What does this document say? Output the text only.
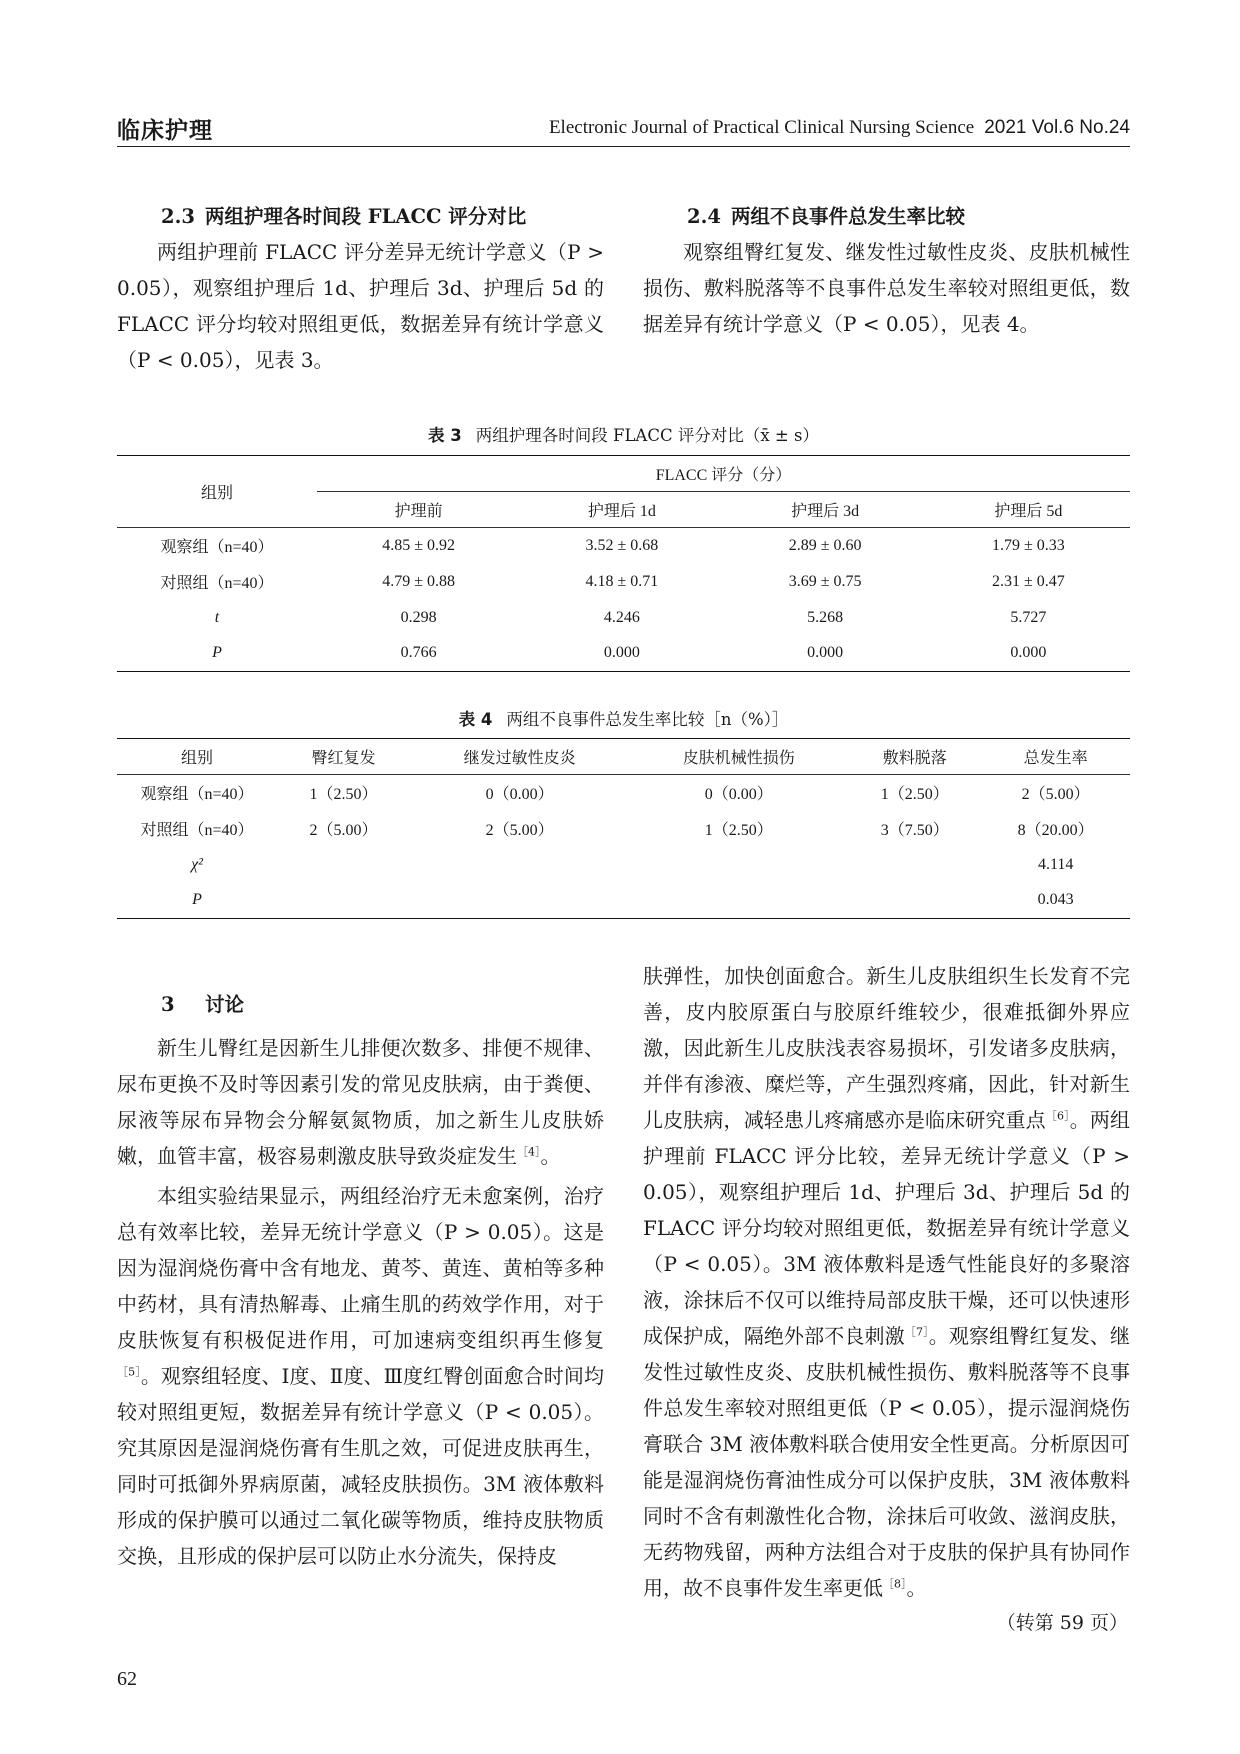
临床护理	Electronic Journal of Practical Clinical Nursing Science 2021 Vol.6 No.24
2.3 两组护理各时间段 FLACC 评分对比

两组护理前 FLACC 评分差异无统计学意义（P > 0.05），观察组护理后 1d、护理后 3d、护理后 5d 的 FLACC 评分均较对照组更低，数据差异有统计学意义（P < 0.05），见表 3。

2.4 两组不良事件总发生率比较

观察组臀红复发、继发性过敏性皮炎、皮肤机械性损伤、敷料脱落等不良事件总发生率较对照组更低，数据差异有统计学意义（P < 0.05），见表 4。

表 3 两组护理各时间段 FLACC 评分对比（x̄ ± s）
组别	FLACC 评分（分）			
	护理前	护理后 1d	护理后 3d	护理后 5d
观察组（n=40）	4.85 ± 0.92	3.52 ± 0.68	2.89 ± 0.60	1.79 ± 0.33
对照组（n=40）	4.79 ± 0.88	4.18 ± 0.71	3.69 ± 0.75	2.31 ± 0.47
t	0.298	4.246	5.268	5.727
P	0.766	0.000	0.000	0.000
表 4 两组不良事件总发生率比较［n（%）］
组别	臀红复发	继发过敏性皮炎	皮肤机械性损伤	敷料脱落	总发生率
观察组（n=40）	1（2.50）	0（0.00）	0（0.00）	1（2.50）	2（5.00）
对照组（n=40）	2（5.00）	2（5.00）	1（2.50）	3（7.50）	8（20.00）
χ²					4.114
P					0.043
3 讨论

新生儿臀红是因新生儿排便次数多、排便不规律、尿布更换不及时等因素引发的常见皮肤病，由于粪便、尿液等尿布异物会分解氨氮物质，加之新生儿皮肤娇嫩，血管丰富，极容易刺激皮肤导致炎症发生$^{[4]}$。

本组实验结果显示，两组经治疗无未愈案例，治疗总有效率比较，差异无统计学意义（P > 0.05）。这是因为湿润烧伤膏中含有地龙、黄芩、黄连、黄柏等多种中药材，具有清热解毒、止痛生肌的药效学作用，对于皮肤恢复有积极促进作用，可加速病变组织再生修复$^{[5]}$。观察组轻度、Ⅰ度、Ⅱ度、Ⅲ度红臀创面愈合时间均较对照组更短，数据差异有统计学意义（P < 0.05）。究其原因是湿润烧伤膏有生肌之效，可促进皮肤再生，同时可抵御外界病原菌，减轻皮肤损伤。3M 液体敷料形成的保护膜可以通过二氧化碳等物质，维持皮肤物质交换，且形成的保护层可以防止水分流失，保持皮

肤弹性，加快创面愈合。新生儿皮肤组织生长发育不完善，皮内胶原蛋白与胶原纤维较少，很难抵御外界应激，因此新生儿皮肤浅表容易损坏，引发诸多皮肤病，并伴有渗液、糜烂等，产生强烈疼痛，因此，针对新生儿皮肤病，减轻患儿疼痛感亦是临床研究重点$^{[6]}$。两组护理前 FLACC 评分比较，差异无统计学意义（P > 0.05），观察组护理后 1d、护理后 3d、护理后 5d 的 FLACC 评分均较对照组更低，数据差异有统计学意义（P < 0.05）。3M 液体敷料是透气性能良好的多聚溶液，涂抹后不仅可以维持局部皮肤干燥，还可以快速形成保护成，隔绝外部不良刺激$^{[7]}$。观察组臀红复发、继发性过敏性皮炎、皮肤机械性损伤、敷料脱落等不良事件总发生率较对照组更低（P < 0.05），提示湿润烧伤膏联合 3M 液体敷料联合使用安全性更高。分析原因可能是湿润烧伤膏油性成分可以保护皮肤，3M 液体敷料同时不含有刺激性化合物，涂抹后可收敛、滋润皮肤，无药物残留，两种方法组合对于皮肤的保护具有协同作用，故不良事件发生率更低$^{[8]}$。

（转第 59 页）
62
